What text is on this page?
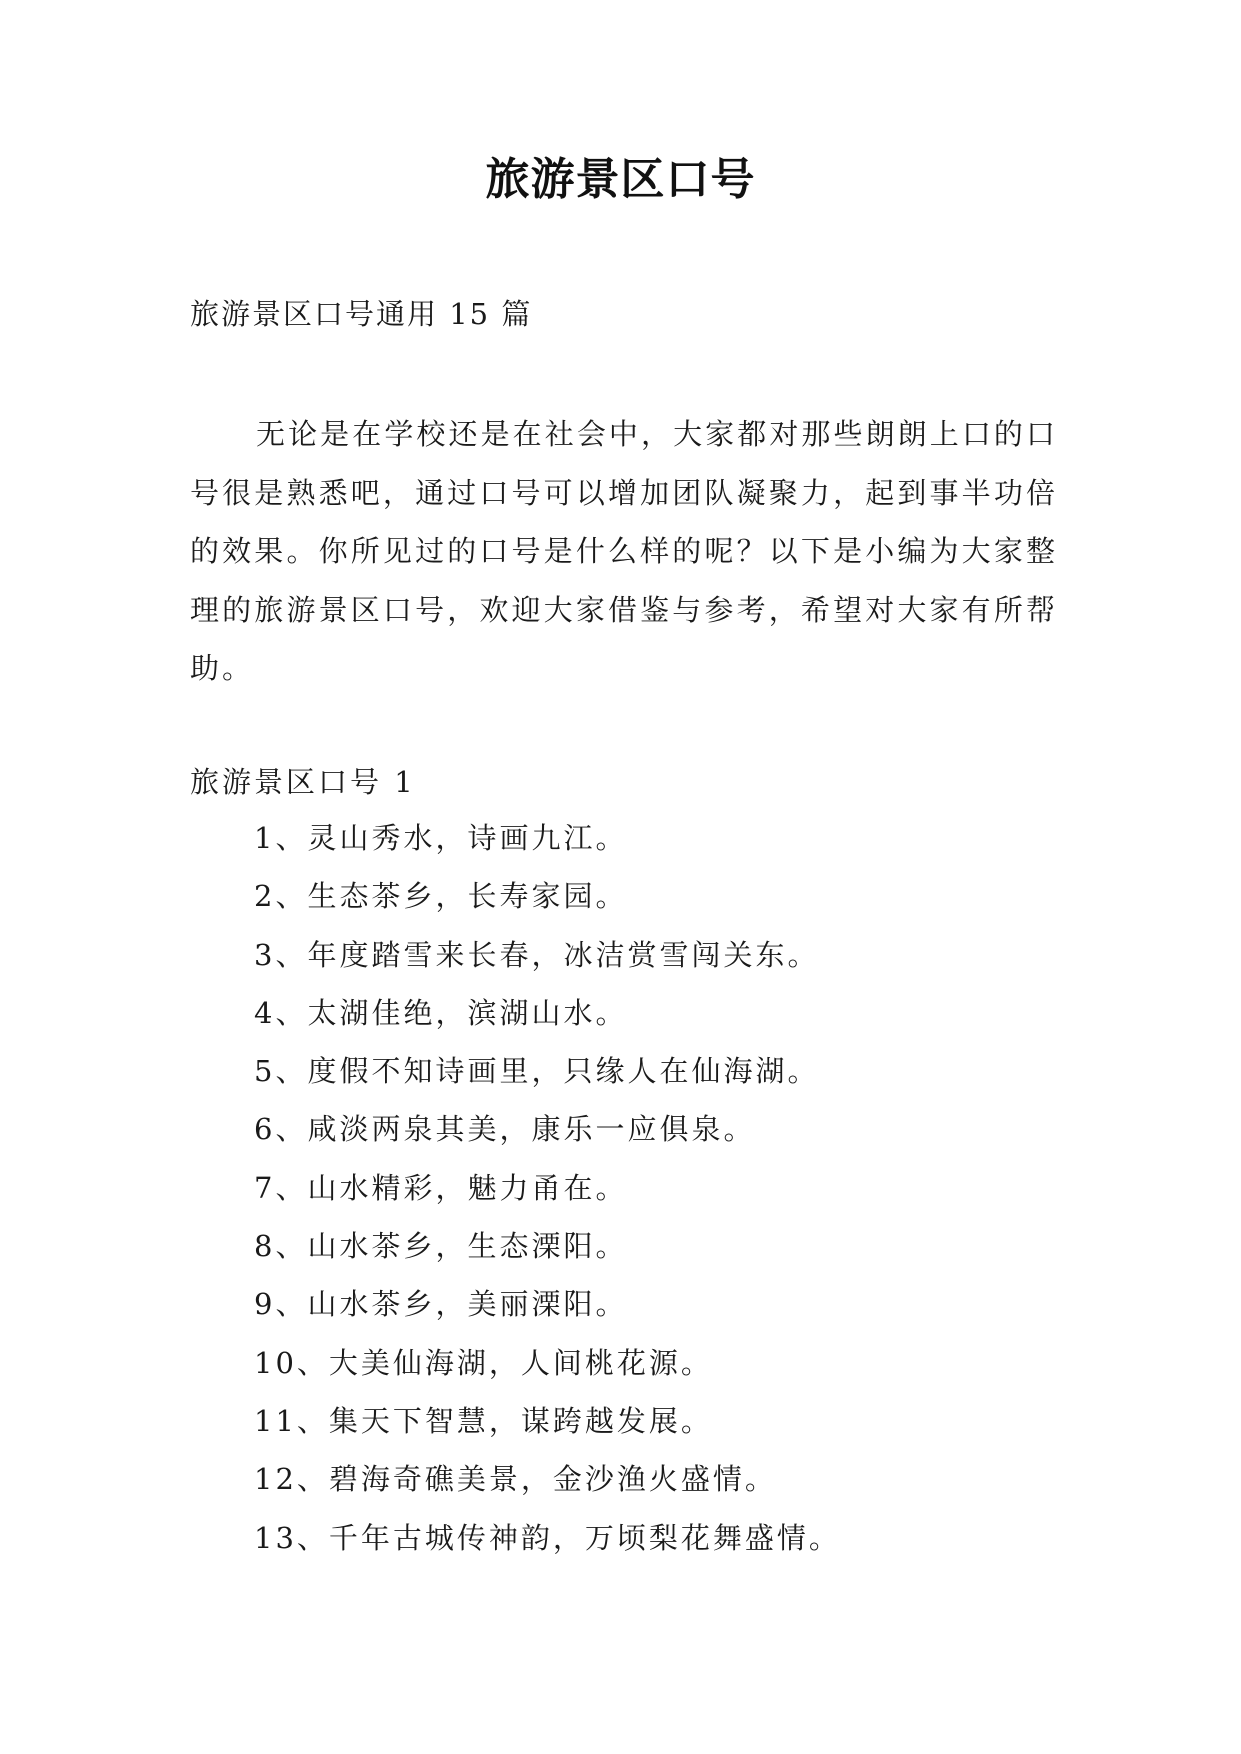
旅游景区口号
旅游景区口号通用 15 篇

无论是在学校还是在社会中，大家都对那些朗朗上口的口号很是熟悉吧，通过口号可以增加团队凝聚力，起到事半功倍的效果。你所见过的口号是什么样的呢？以下是小编为大家整理的旅游景区口号，欢迎大家借鉴与参考，希望对大家有所帮助。

旅游景区口号 1
1、灵山秀水，诗画九江。
2、生态茶乡，长寿家园。
3、年度踏雪来长春，冰洁赏雪闯关东。
4、太湖佳绝，滨湖山水。
5、度假不知诗画里，只缘人在仙海湖。
6、咸淡两泉其美，康乐一应俱泉。
7、山水精彩，魅力甬在。
8、山水茶乡，生态溧阳。
9、山水茶乡，美丽溧阳。
10、大美仙海湖，人间桃花源。
11、集天下智慧，谋跨越发展。
12、碧海奇礁美景，金沙渔火盛情。
13、千年古城传神韵，万顷梨花舞盛情。
